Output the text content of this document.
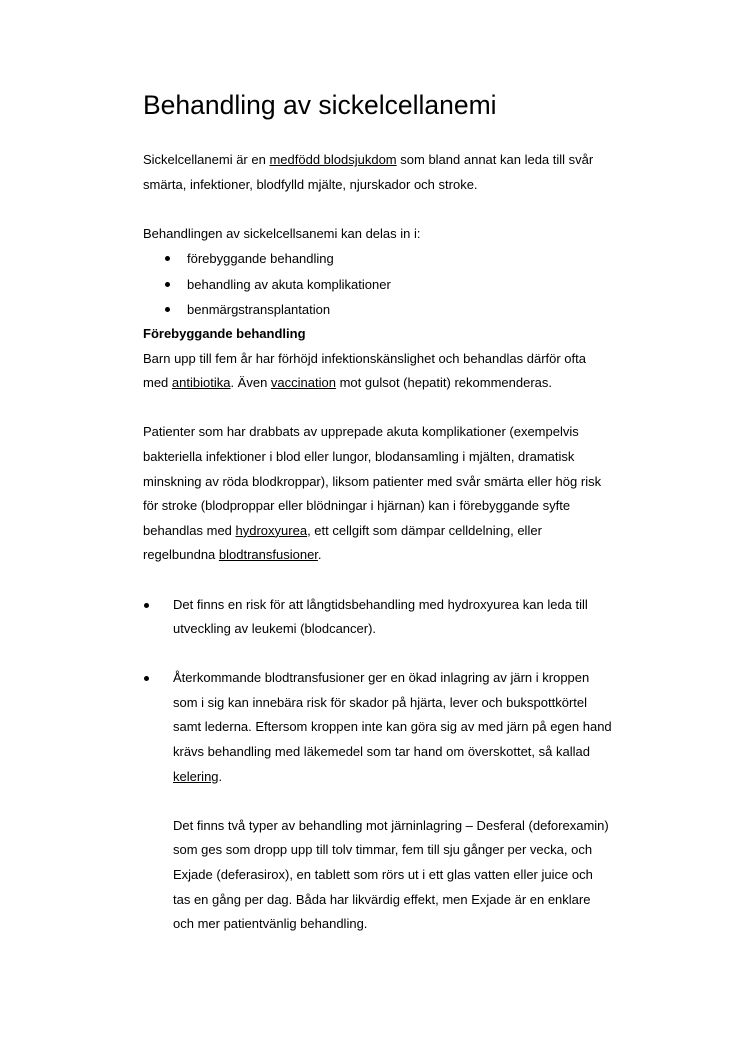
Behandling av sickelcellanemi

Sickelcellanemi är en medfödd blodsjukdom som bland annat kan leda till svår smärta, infektioner, blodfylld mjälte, njurskador och stroke.

Behandlingen av sickelcellsanemi kan delas in i:

förebyggande behandling
behandling av akuta komplikationer
benmärgstransplantation
Förebyggande behandling

Barn upp till fem år har förhöjd infektionskänslighet och behandlas därför ofta med antibiotika. Även vaccination mot gulsot (hepatit) rekommenderas.

Patienter som har drabbats av upprepade akuta komplikationer (exempelvis bakteriella infektioner i blod eller lungor, blodansamling i mjälten, dramatisk minskning av röda blodkroppar), liksom patienter med svår smärta eller hög risk för stroke (blodproppar eller blödningar i hjärnan) kan i förebyggande syfte behandlas med hydroxyurea, ett cellgift som dämpar celldelning, eller regelbundna blodtransfusioner.

Det finns en risk för att långtidsbehandling med hydroxyurea kan leda till utveckling av leukemi (blodcancer).

Återkommande blodtransfusioner ger en ökad inlagring av järn i kroppen som i sig kan innebära risk för skador på hjärta, lever och bukspottkörtel samt lederna. Eftersom kroppen inte kan göra sig av med järn på egen hand krävs behandling med läkemedel som tar hand om överskottet, så kallad kelering.

Det finns två typer av behandling mot järninlagring – Desferal (deforexamin) som ges som dropp upp till tolv timmar, fem till sju gånger per vecka, och Exjade (deferasirox), en tablett som rörs ut i ett glas vatten eller juice och tas en gång per dag. Båda har likvärdig effekt, men Exjade är en enklare och mer patientvänlig behandling.
